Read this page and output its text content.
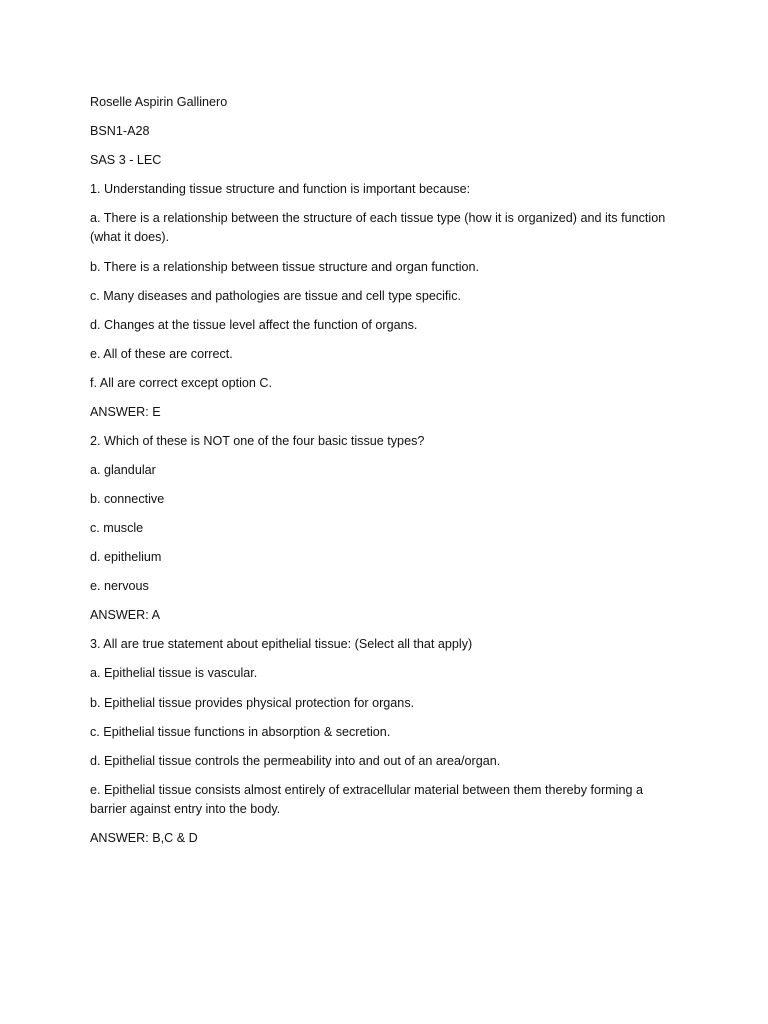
Roselle Aspirin Gallinero

BSN1-A28

SAS 3 - LEC

1. Understanding tissue structure and function is important because:

a. There is a relationship between the structure of each tissue type (how it is organized) and its function (what it does).

b. There is a relationship between tissue structure and organ function.

c. Many diseases and pathologies are tissue and cell type specific.

d. Changes at the tissue level affect the function of organs.

e. All of these are correct.

f. All are correct except option C.

ANSWER: E

2. Which of these is NOT one of the four basic tissue types?

a. glandular

b. connective

c. muscle

d. epithelium

e. nervous

ANSWER: A

3. All are true statement about epithelial tissue: (Select all that apply)

a. Epithelial tissue is vascular.

b. Epithelial tissue provides physical protection for organs.

c. Epithelial tissue functions in absorption & secretion.

d. Epithelial tissue controls the permeability into and out of an area/organ.

e. Epithelial tissue consists almost entirely of extracellular material between them thereby forming a barrier against entry into the body.

ANSWER: B,C & D
